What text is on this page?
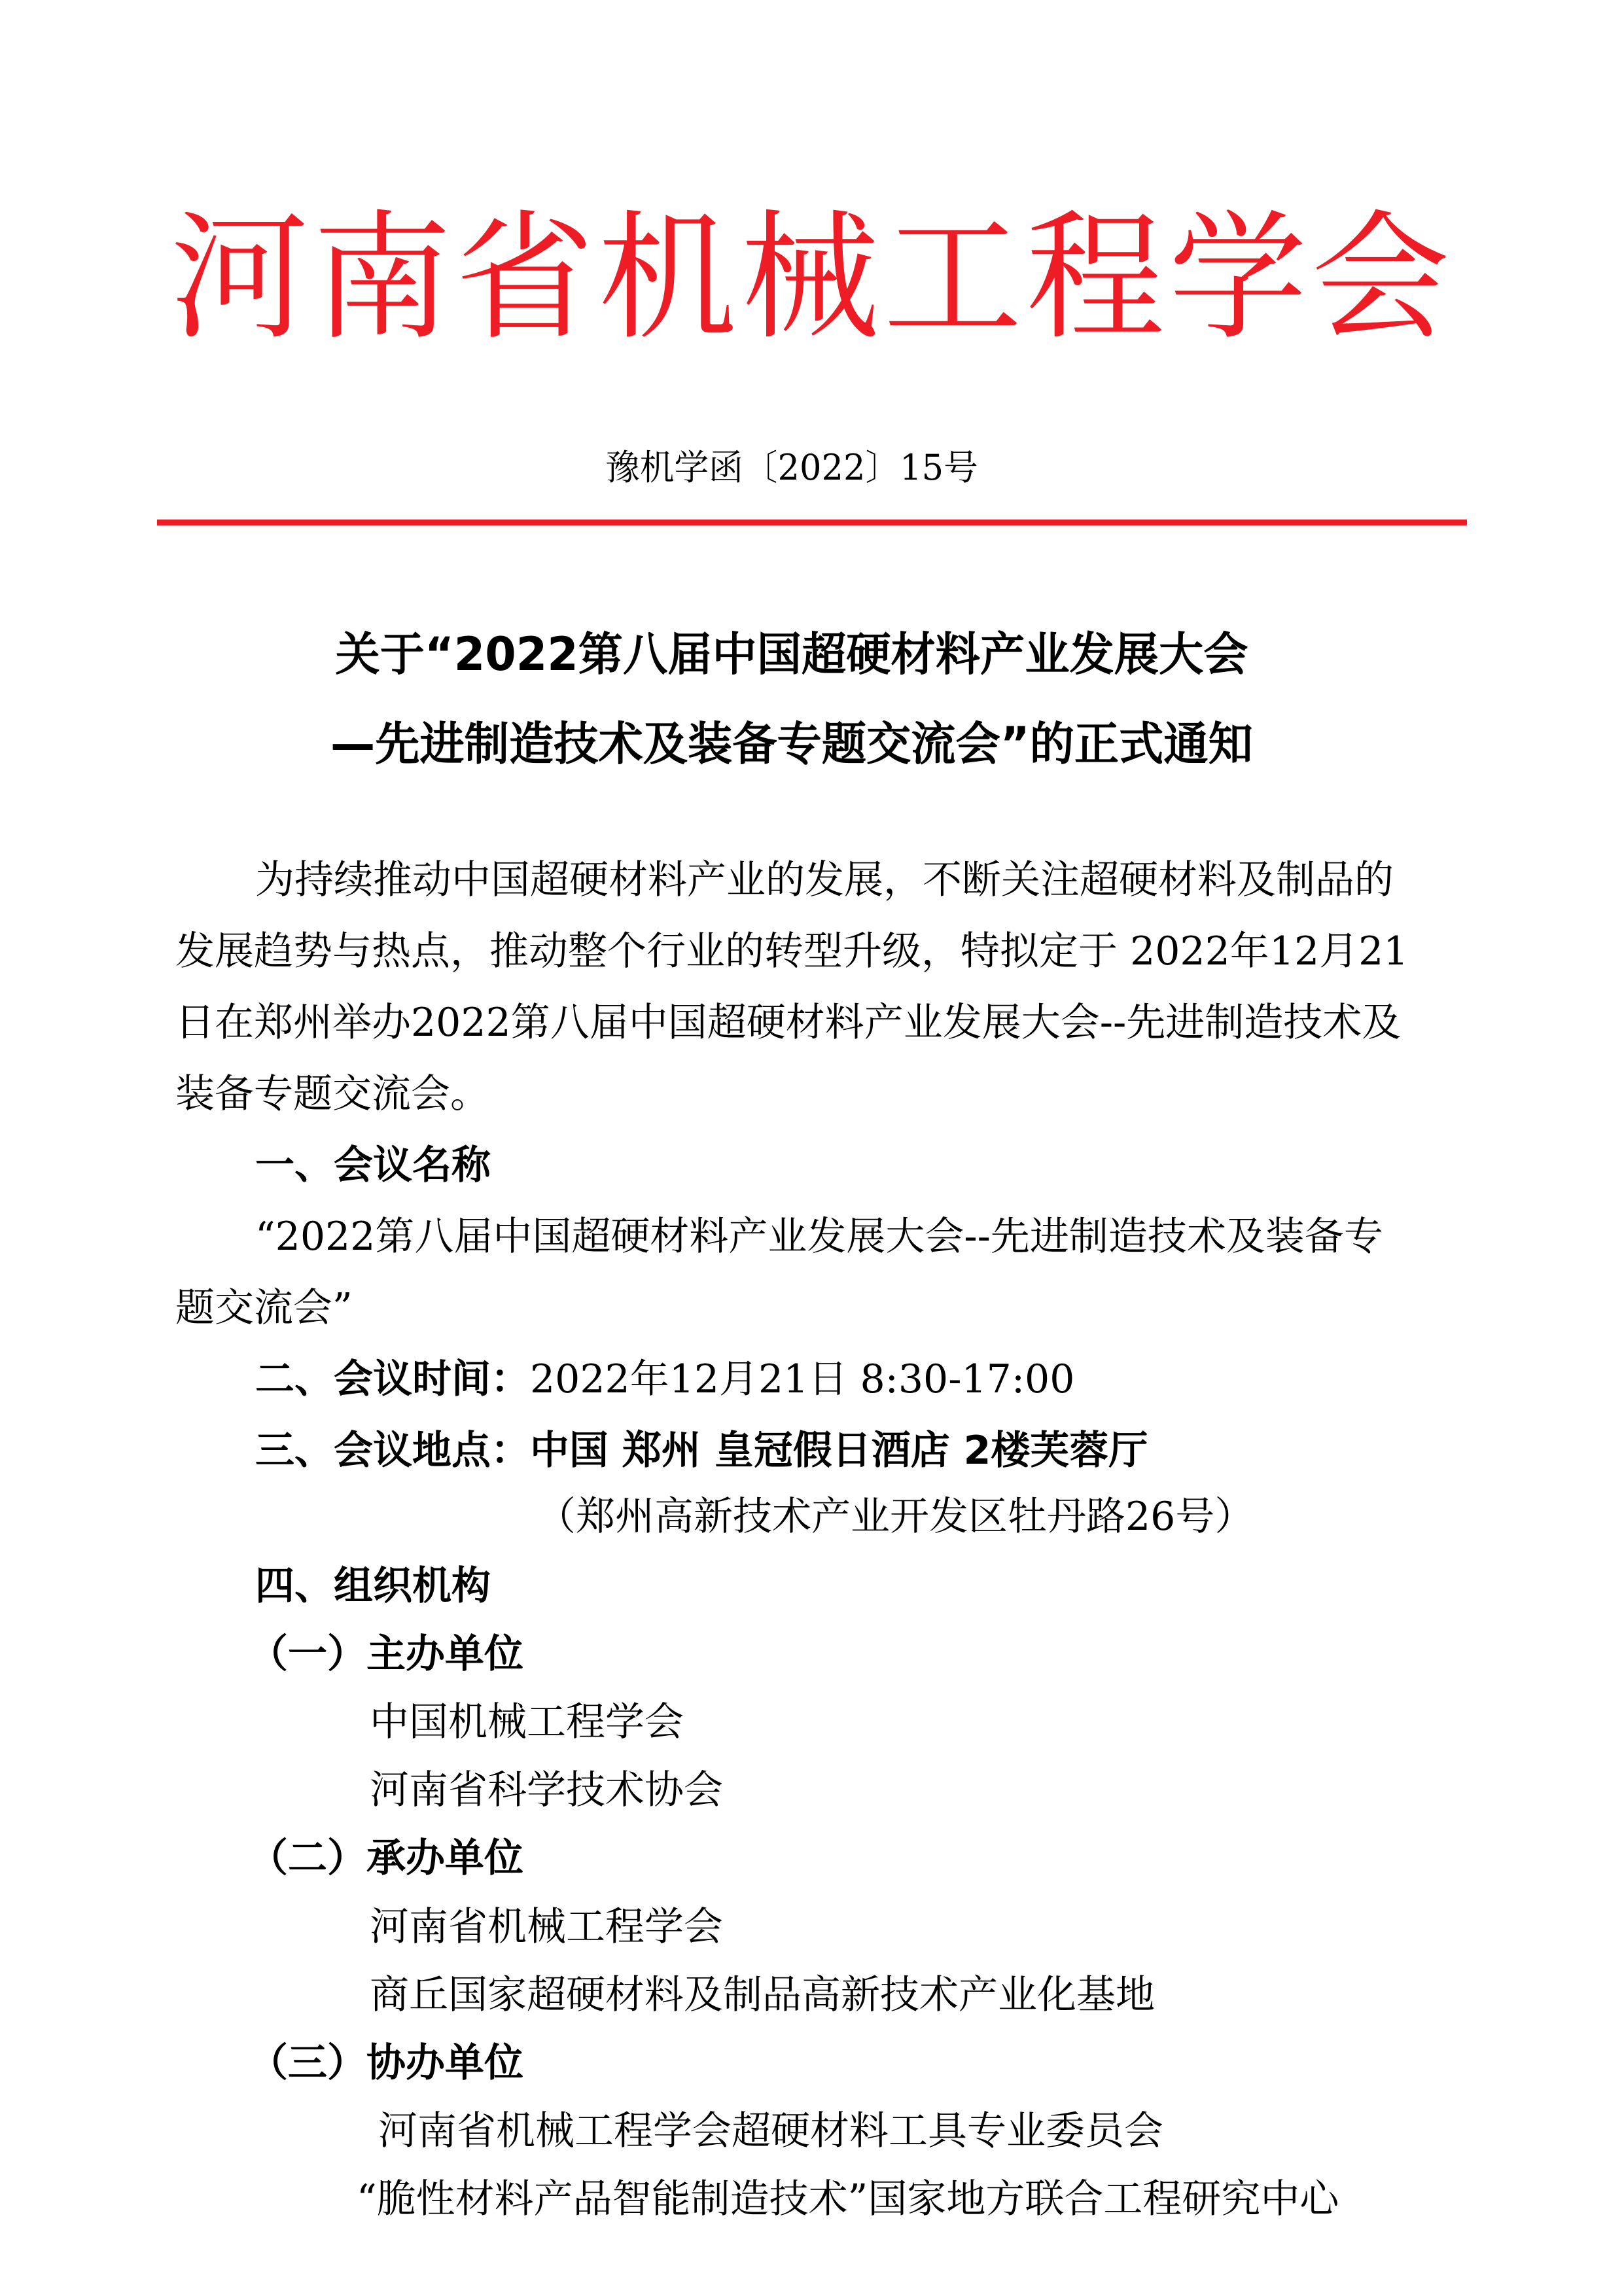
河南省机械工程学会
豫机学函〔2022〕15号
关于“2022第八届中国超硬材料产业发展大会
—先进制造技术及装备专题交流会”的正式通知
为持续推动中国超硬材料产业的发展，不断关注超硬材料及制品的
发展趋势与热点，推动整个行业的转型升级，特拟定于 2022年12月21
日在郑州举办2022第八届中国超硬材料产业发展大会--先进制造技术及
装备专题交流会。
一、会议名称
“2022第八届中国超硬材料产业发展大会--先进制造技术及装备专
题交流会”
二、会议时间：2022年12月21日 8:30-17:00
三、会议地点：中国 郑州 皇冠假日酒店 2楼芙蓉厅
（郑州高新技术产业开发区牡丹路26号）
四、组织机构
（一）主办单位
中国机械工程学会
河南省科学技术协会
（二）承办单位
河南省机械工程学会
商丘国家超硬材料及制品高新技术产业化基地
（三）协办单位
河南省机械工程学会超硬材料工具专业委员会
“脆性材料产品智能制造技术”国家地方联合工程研究中心
